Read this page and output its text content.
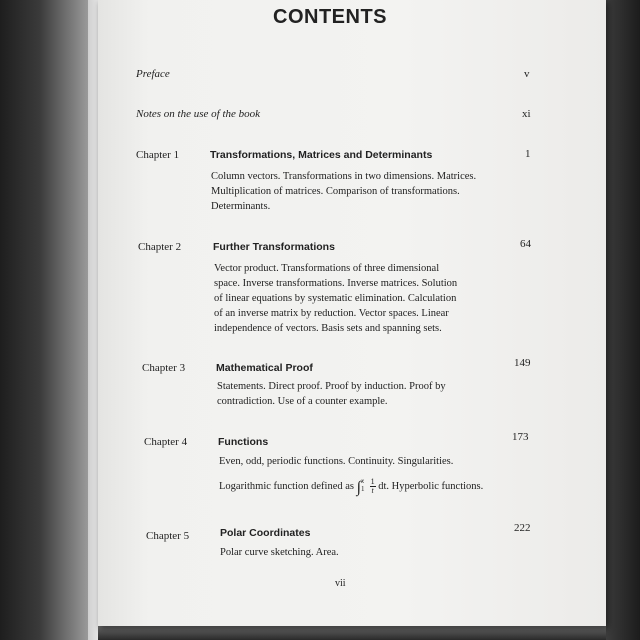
CONTENTS
Preface	v
Notes on the use of the book	xi
Chapter 1	Transformations, Matrices and Determinants	1
Column vectors. Transformations in two dimensions. Matrices.
Multiplication of matrices. Comparison of transformations.
Determinants.
Chapter 2	Further Transformations	64
Vector product. Transformations of three dimensional
space. Inverse transformations. Inverse matrices. Solution
of linear equations by systematic elimination. Calculation
of an inverse matrix by reduction. Vector spaces. Linear
independence of vectors. Basis sets and spanning sets.
Chapter 3	Mathematical Proof	149
Statements. Direct proof. Proof by induction. Proof by
contradiction. Use of a counter example.
Chapter 4	Functions	173
Even, odd, periodic functions. Continuity. Singularities.
Logarithmic function defined as ∫ x
1
$\frac{1}{t}$ dt. Hyperbolic functions.
Chapter 5	Polar Coordinates	222
Polar curve sketching. Area.
vii
